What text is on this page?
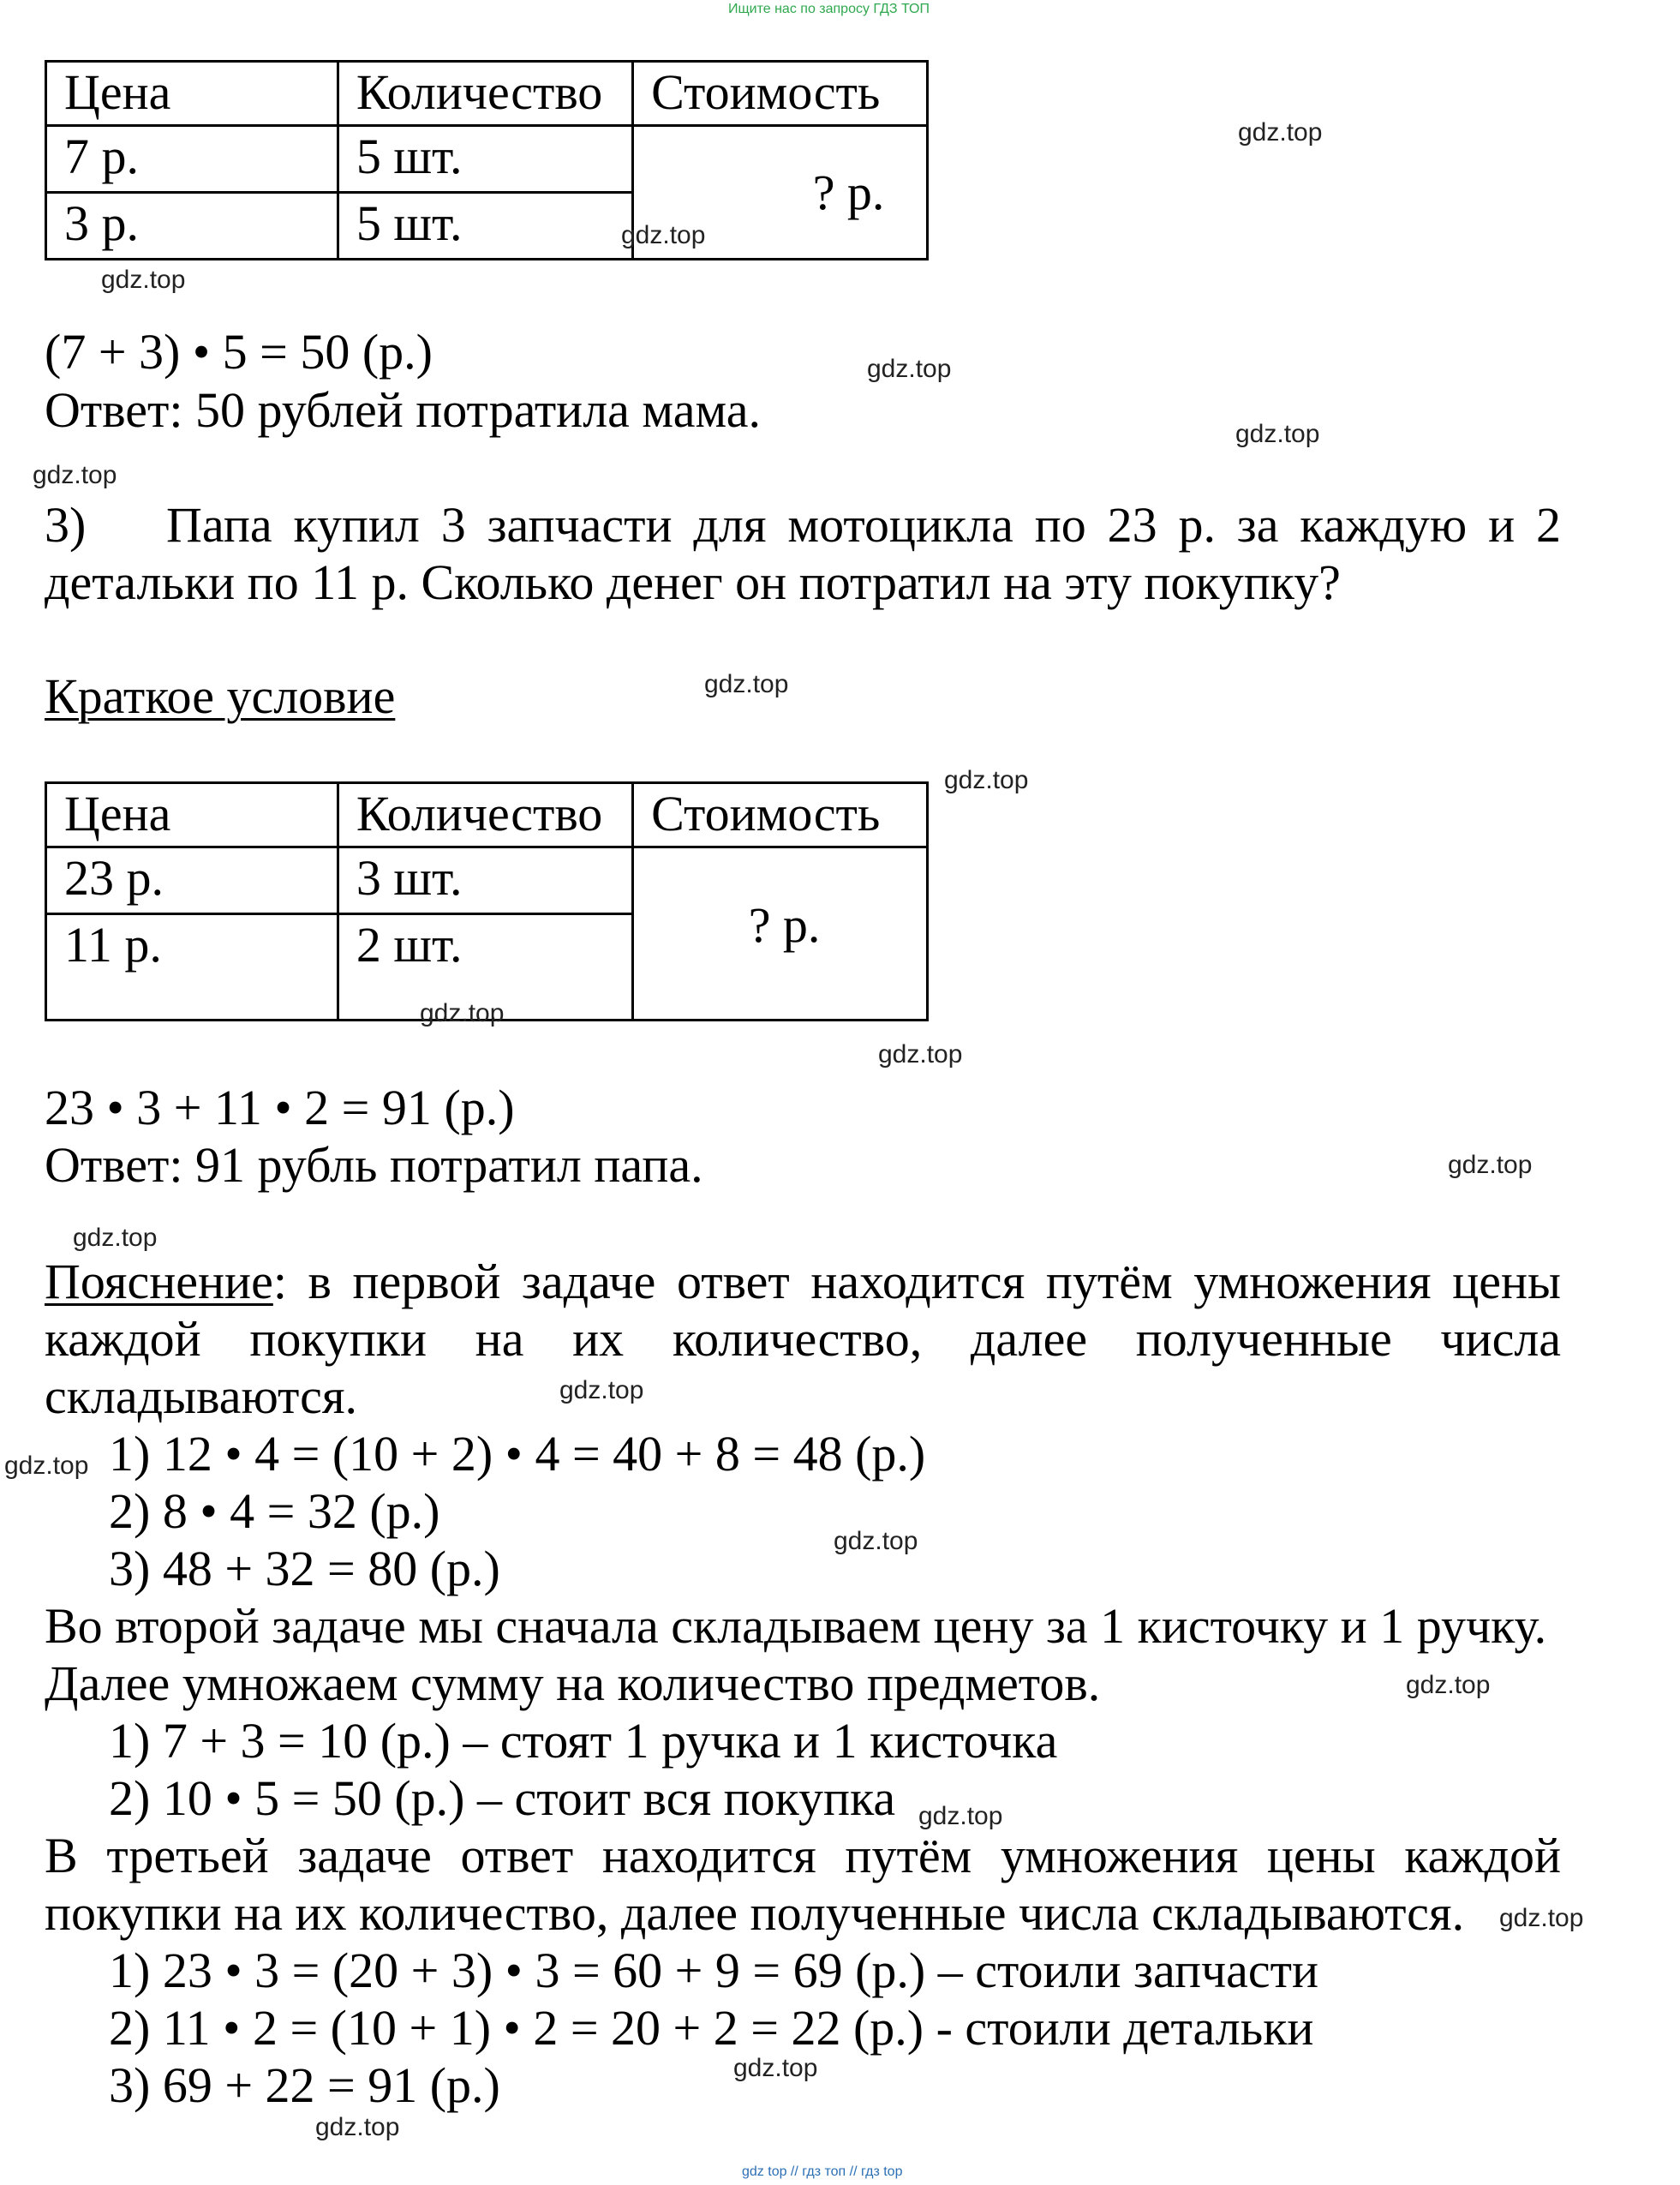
Ищите нас по запросу ГДЗ ТОП
gdz top // гдз топ // гдз top
Цена	Количество	Стоимость
7 р.	5 шт.	? р.
3 р.	5 шт.	
(7 + 3) • 5 = 50 (р.)
Ответ: 50 рублей потратила мама.
3)	Папа купил 3 запчасти для мотоцикла по 23 р. за каждую и 2
детальки по 11 р. Сколько денег он потратил на эту покупку?
Краткое условие
Цена	Количество	Стоимость
23 р.	3 шт.	? р.
11 р.	2 шт.	
23 • 3 + 11 • 2 = 91 (р.)
Ответ: 91 рубль потратил папа.
Пояснение : в первой задаче ответ находится путём умножения цены
каждой покупки на их количество, далее полученные числа
складываются.
1) 12 • 4 = (10 + 2) • 4 = 40 + 8 = 48 (р.)
2) 8 • 4 = 32 (р.)
3) 48 + 32 = 80 (р.)
Во второй задаче мы сначала складываем цену за 1 кисточку и 1 ручку.
Далее умножаем сумму на количество предметов.
1) 7 + 3 = 10 (р.) – стоят 1 ручка и 1 кисточка
2) 10 • 5 = 50 (р.) – стоит вся покупка
В третьей задаче ответ находится путём умножения цены каждой
покупки на их количество, далее полученные числа складываются.
1) 23 • 3 = (20 + 3) • 3 = 60 + 9 = 69 (р.) – стоили запчасти
2) 11 • 2 = (10 + 1) • 2 = 20 + 2 = 22 (р.) - стоили детальки
3) 69 + 22 = 91 (р.)
gdz.top
gdz.top
gdz.top
gdz.top
gdz.top
gdz.top
gdz.top
gdz.top
gdz.top
gdz.top
gdz.top
gdz.top
gdz.top
gdz.top
gdz.top
gdz.top
gdz.top
gdz.top
gdz.top
gdz.top
